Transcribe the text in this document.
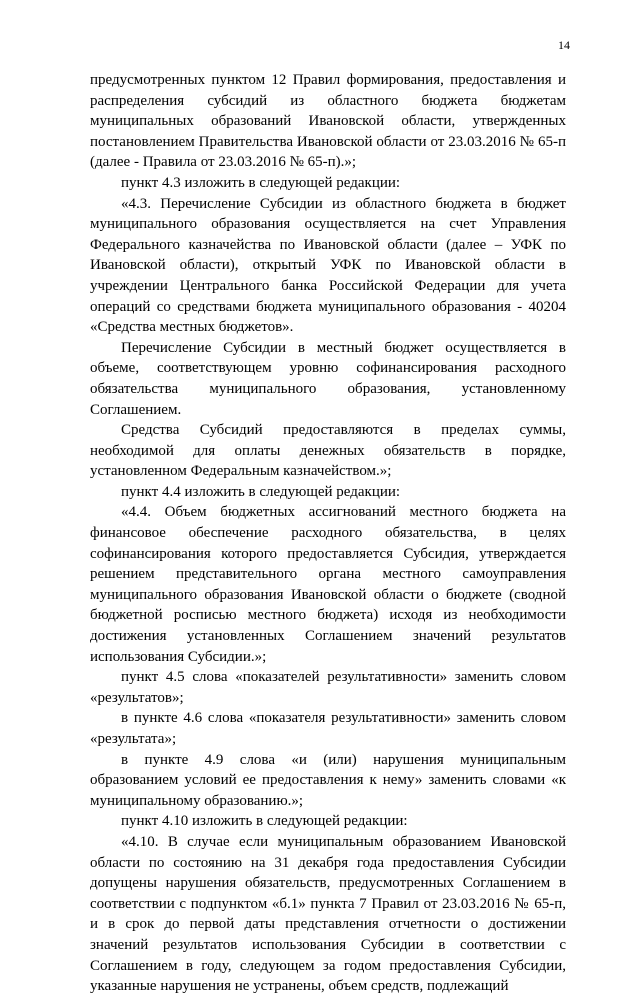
14

предусмотренных пунктом 12 Правил формирования, предоставления и распределения субсидий из областного бюджета бюджетам муниципальных образований Ивановской области, утвержденных постановлением Правительства Ивановской области от 23.03.2016 № 65-п (далее - Правила от 23.03.2016 № 65-п).»;

пункт 4.3 изложить в следующей редакции:

«4.3. Перечисление Субсидии из областного бюджета в бюджет муниципального образования осуществляется на счет Управления Федерального казначейства по Ивановской области (далее – УФК по Ивановской области), открытый УФК по Ивановской области в учреждении Центрального банка Российской Федерации для учета операций со средствами бюджета муниципального образования - 40204 «Средства местных бюджетов».

Перечисление Субсидии в местный бюджет осуществляется в объеме, соответствующем уровню софинансирования расходного обязательства муниципального образования, установленному Соглашением.

Средства Субсидий предоставляются в пределах суммы, необходимой для оплаты денежных обязательств в порядке, установленном Федеральным казначейством.»;

пункт 4.4 изложить в следующей редакции:

«4.4. Объем бюджетных ассигнований местного бюджета на финансовое обеспечение расходного обязательства, в целях софинансирования которого предоставляется Субсидия, утверждается решением представительного органа местного самоуправления муниципального образования Ивановской области о бюджете (сводной бюджетной росписью местного бюджета) исходя из необходимости достижения установленных Соглашением значений результатов использования Субсидии.»;

пункт 4.5 слова «показателей результативности» заменить словом «результатов»;

в пункте 4.6 слова «показателя результативности» заменить словом «результата»;

в пункте 4.9 слова «и (или) нарушения муниципальным образованием условий ее предоставления к нему» заменить словами «к муниципальному образованию.»;

пункт 4.10 изложить в следующей редакции:

«4.10. В случае если муниципальным образованием Ивановской области по состоянию на 31 декабря года предоставления Субсидии допущены нарушения обязательств, предусмотренных Соглашением в соответствии с подпунктом «б.1» пункта 7 Правил от 23.03.2016 № 65-п, и в срок до первой даты представления отчетности о достижении значений результатов использования Субсидии в соответствии с Соглашением в году, следующем за годом предоставления Субсидии, указанные нарушения не устранены, объем средств, подлежащий
